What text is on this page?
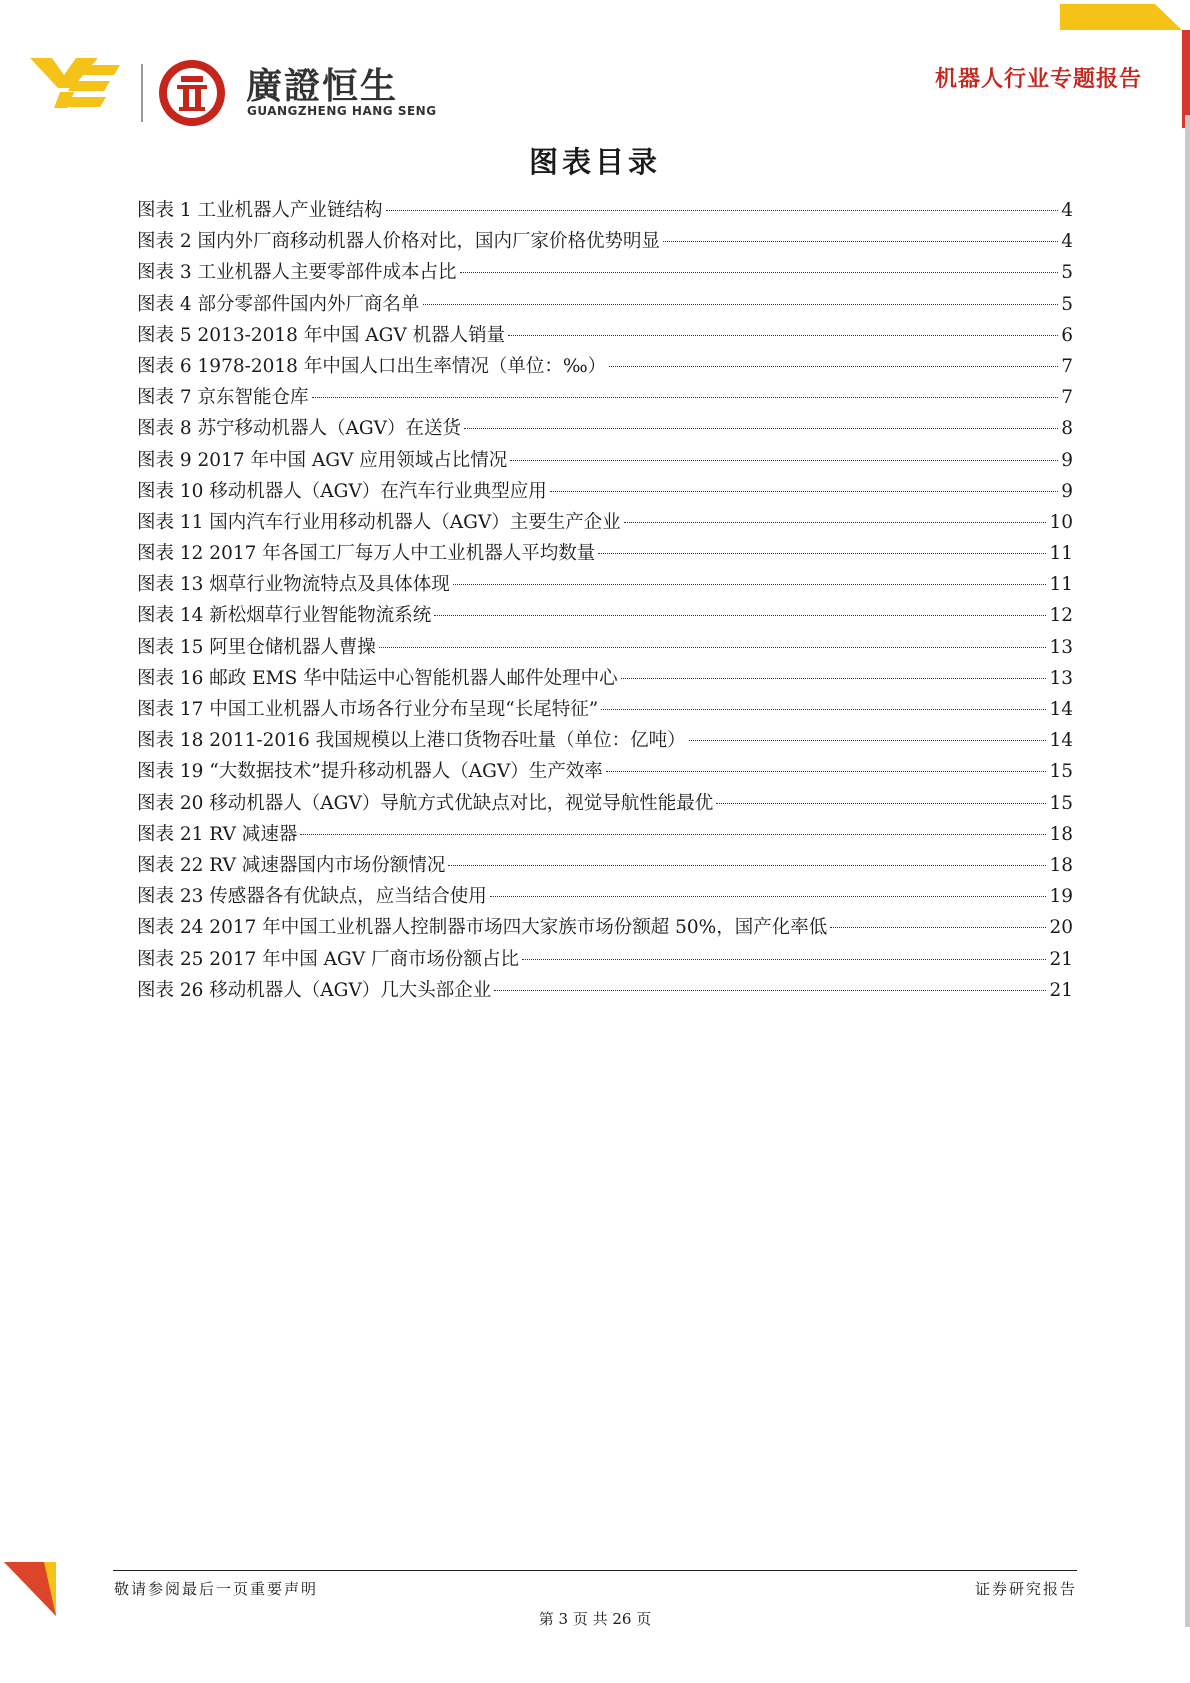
廣證恒生
GUANGZHENG HANG SENG
机器人行业专题报告
图表目录
图表 1 工业机器人产业链结构	4
图表 2 国内外厂商移动机器人价格对比，国内厂家价格优势明显	4
图表 3 工业机器人主要零部件成本占比	5
图表 4 部分零部件国内外厂商名单	5
图表 5 2013-2018 年中国 AGV 机器人销量	6
图表 6 1978-2018 年中国人口出生率情况（单位：‰）	7
图表 7 京东智能仓库	7
图表 8 苏宁移动机器人（AGV）在送货	8
图表 9 2017 年中国 AGV 应用领域占比情况	9
图表 10 移动机器人（AGV）在汽车行业典型应用	9
图表 11 国内汽车行业用移动机器人（AGV）主要生产企业	10
图表 12 2017 年各国工厂每万人中工业机器人平均数量	11
图表 13 烟草行业物流特点及具体体现	11
图表 14 新松烟草行业智能物流系统	12
图表 15 阿里仓储机器人曹操	13
图表 16 邮政 EMS 华中陆运中心智能机器人邮件处理中心	13
图表 17 中国工业机器人市场各行业分布呈现“长尾特征”	14
图表 18 2011-2016 我国规模以上港口货物吞吐量（单位：亿吨）	14
图表 19 “大数据技术”提升移动机器人（AGV）生产效率	15
图表 20 移动机器人（AGV）导航方式优缺点对比，视觉导航性能最优	15
图表 21 RV 减速器	18
图表 22 RV 减速器国内市场份额情况	18
图表 23 传感器各有优缺点，应当结合使用	19
图表 24 2017 年中国工业机器人控制器市场四大家族市场份额超 50%，国产化率低	20
图表 25 2017 年中国 AGV 厂商市场份额占比	21
图表 26 移动机器人（AGV）几大头部企业	21
敬请参阅最后一页重要声明	证券研究报告
第 3 页 共 26 页
